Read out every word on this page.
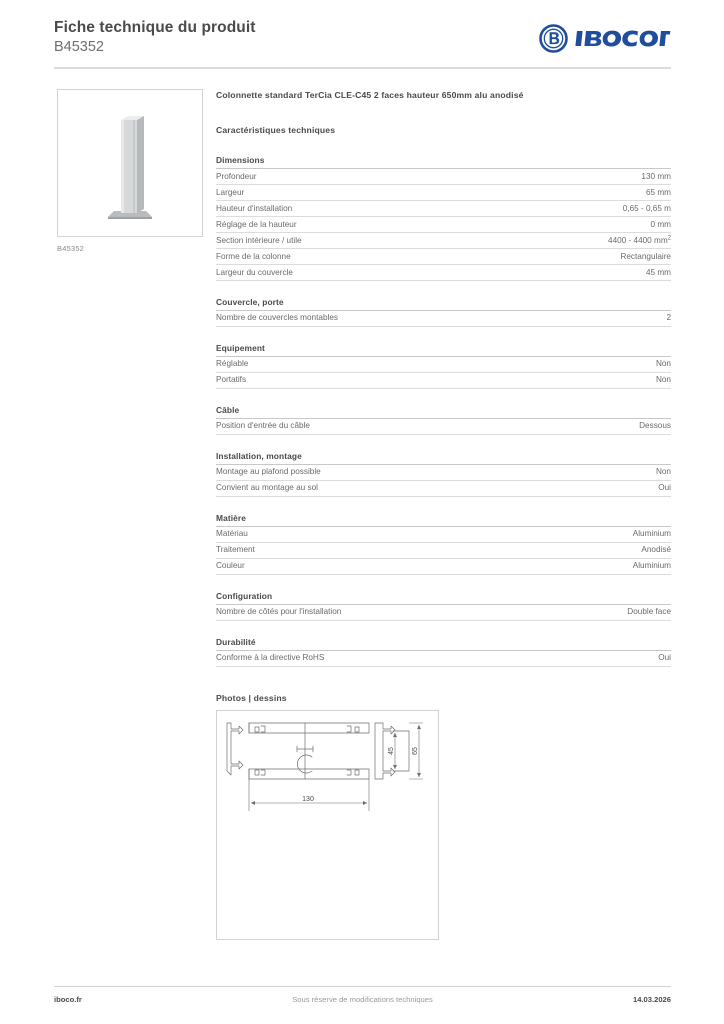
Fiche technique du produit
B45352
B45352
Colonnette standard TerCia CLE-C45 2 faces hauteur 650mm alu anodisé
Caractéristiques techniques
Dimensions
Profondeur	130 mm
Largeur	65 mm
Hauteur d'installation	0,65 - 0,65 m
Réglage de la hauteur	0 mm
Section intérieure / utile	4400 - 4400 $mm^2$
Forme de la colonne	Rectangulaire
Largeur du couvercle	45 mm
Couvercle, porte
Nombre de couvercles montables	2
Equipement
Réglable	Non
Portatifs	Non
Câble
Position d'entrée du câble	Dessous
Installation, montage
Montage au plafond possible	Non
Convient au montage au sol	Oui
Matière
Matériau	Aluminium
Traitement	Anodisé
Couleur	Aluminium
Configuration
Nombre de côtés pour l'installation	Double face
Durabilité
Conforme à la directive RoHS	Oui
Photos | dessins
130
45 65
iboco.fr	Sous réserve de modifications techniques	14.03.2026
